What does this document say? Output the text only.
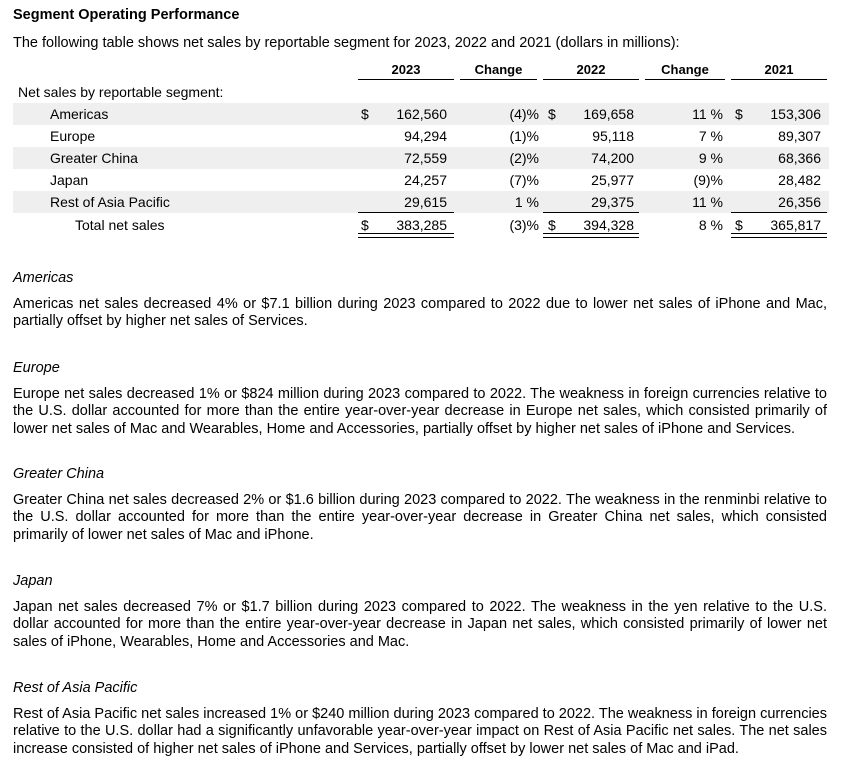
Segment Operating Performance
The following table shows net sales by reportable segment for 2023, 2022 and 2021 (dollars in millions):
2023	Change	2022	Change	2021
Net sales by reportable segment:
Americas	$	162,560	(4)% $	169,658	11 % $	153,306
Europe	94,294	(1)%	95,118	7 %	89,307
Greater China	72,559	(2)%	74,200	9 %	68,366
Japan	24,257	(7)%	25,977	(9)%	28,482
Rest of Asia Pacific	29,615	1 %	29,375	11 %	26,356
Total net sales	$	383,285	(3)% $	394,328	8 % $	365,817
Americas
Americas net sales decreased 4% or $7.1 billion during 2023 compared to 2022 due to lower net sales of iPhone and Mac, partially offset by higher net sales of Services.
Europe
Europe net sales decreased 1% or $824 million during 2023 compared to 2022. The weakness in foreign currencies relative to the U.S. dollar accounted for more than the entire year-over-year decrease in Europe net sales, which consisted primarily of lower net sales of Mac and Wearables, Home and Accessories, partially offset by higher net sales of iPhone and Services.
Greater China
Greater China net sales decreased 2% or $1.6 billion during 2023 compared to 2022. The weakness in the renminbi relative to the U.S. dollar accounted for more than the entire year-over-year decrease in Greater China net sales, which consisted primarily of lower net sales of Mac and iPhone.
Japan
Japan net sales decreased 7% or $1.7 billion during 2023 compared to 2022. The weakness in the yen relative to the U.S. dollar accounted for more than the entire year-over-year decrease in Japan net sales, which consisted primarily of lower net sales of iPhone, Wearables, Home and Accessories and Mac.
Rest of Asia Pacific
Rest of Asia Pacific net sales increased 1% or $240 million during 2023 compared to 2022. The weakness in foreign currencies relative to the U.S. dollar had a significantly unfavorable year-over-year impact on Rest of Asia Pacific net sales. The net sales increase consisted of higher net sales of iPhone and Services, partially offset by lower net sales of Mac and iPad.
